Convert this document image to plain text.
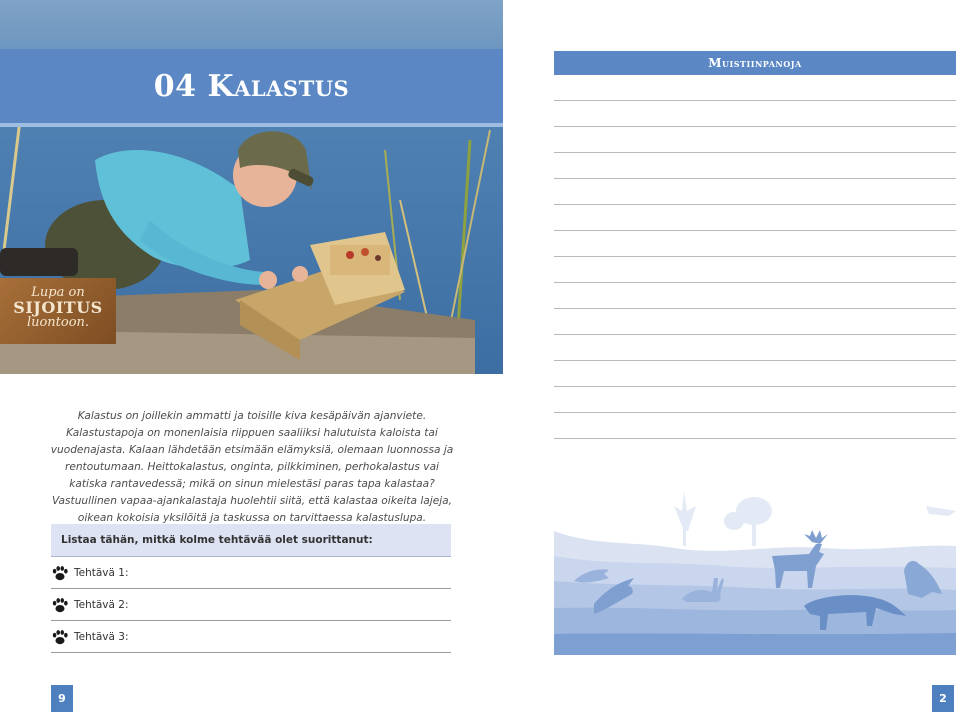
04 Kalastus
Lupa on
SIJOITUS
luontoon.

Kalastus on joillekin ammatti ja toisille kiva kesäpäivän ajanviete. Kalastustapoja on monenlaisia riippuen saaliiksi halutuista kaloista tai vuodenajasta. Kalaan lähdetään etsimään elämyksiä, olemaan luonnossa ja rentoutumaan. Heittokalastus, onginta, pilkkiminen, perhokalastus vai katiska rantavedessä; mikä on sinun mielestäsi paras tapa kalastaa? Vastuullinen vapaa-ajankalastaja huolehtii siitä, että kalastaa oikeita lajeja, oikean kokoisia yksilöitä ja taskussa on tarvittaessa kalastuslupa.

Listaa tähän, mitkä kolme tehtävää olet suorittanut:
Tehtävä 1:
Tehtävä 2:
Tehtävä 3:
9
Muistiinpanoja
2
